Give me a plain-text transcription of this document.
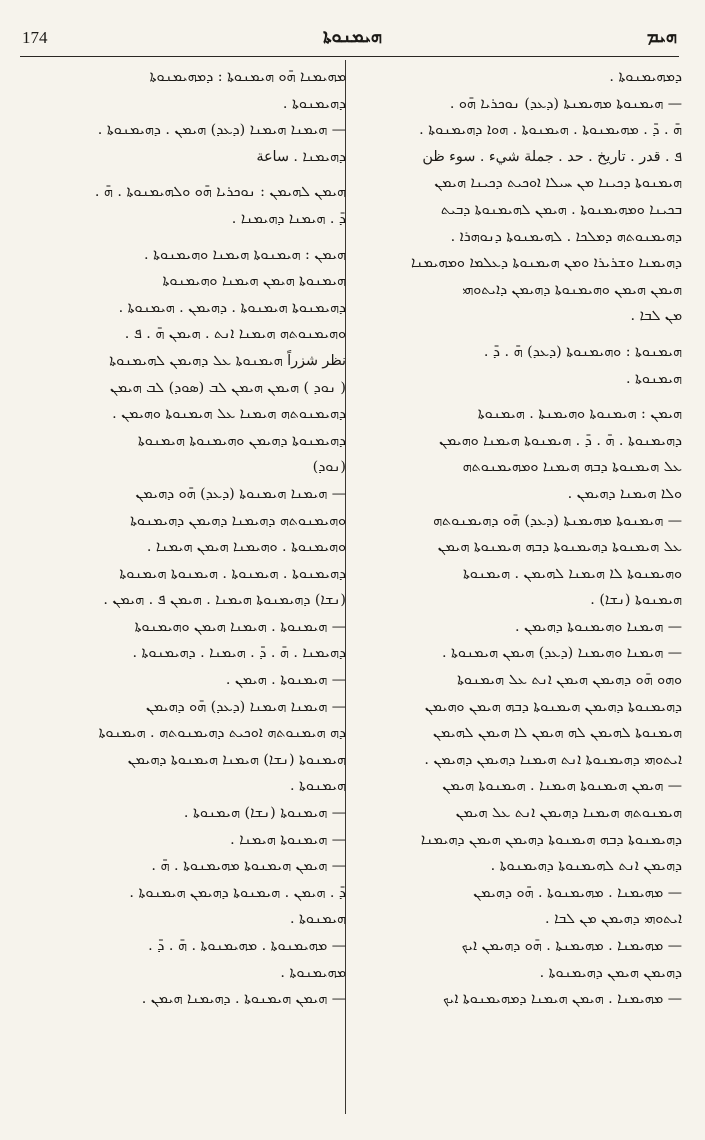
174	ܗܝܡܢܘܬܐ	ܗܝܡ
ܕܡܗܝܡܢܘܬܐ .
— ܗܝܡܢܘܬܐ ܡܗܝܡܢܬܐ (ܕܥܕ) ܢܘܟܪܝܐ ܗ̄ܘ .
ܗ̄ . ܕ̄ . ܡܗܝܡܢܘܬܐ . ܗܝܡܢܘܬܐ . ܗܘܐ ܕܗܝܡܢܘܬܐ .
ܦ . قدر . تاريخ . حد . جملة شيء . سوء ظن
ܗܝܡܢܘܬܐ ܕܟܝܢܐ ܡܢ ܚܝܠܐ ܐܘܟܝܬ ܕܟܝܢܐ ܗܝܡܢ
ܒܟܝܢܐ ܘܡܗܝܡܢܘܬܐ . ܗܝܡܢ ܠܗܝܡܢܘܬܐ ܕܒܝܬ
ܕܗܝܡܢܘܬܗ ܕܡܠܟܐ . ܠܗܝܡܢܘܬܐ ܕܢܘܗܪܐ .
ܕܗܝܡܢܐ ܘܫܪܝܪܐ ܘܡܢ ܗܝܡܢܘܬܐ ܕܥܠܡܐ ܘܡܗܝܡܢܐ
ܗܝܡܢ ܗܝܡܢ ܘܗܝܡܢܘܬܐ ܕܗܝܡܢ ܕܐܝܬܘܗܝ
ܡܢ ܠܒܐ .
ܗܝܡܢܘܬܐ : ܘܗܝܡܢܘܬܐ (ܕܥܕ) ܗ̄ . ܕ̄ .
ܗܝܡܢܘܬܐ .
ܗܝܡܢ : ܗܝܡܢܘܬܐ ܘܗܝܡܢܬܐ . ܗܝܡܢܘܬܐ
ܕܗܝܡܢܘܬܐ . ܗ̄ . ܕ̄ . ܗܝܡܢܘܬܐ ܗܝܡܢܐ ܘܗܝܡܢ
ܥܠ ܗܝܡܢܘܬܐ ܕܒܗ ܗܝܡܢܐ ܘܡܗܝܡܢܘܬܗ
ܘܠܐ ܗܝܡܢܐ ܕܗܝܡܢ .
— ܗܝܡܢܘܬܐ ܡܗܝܡܢܬܐ (ܕܥܕ) ܗ̄ܘ ܕܗܝܡܢܘܬܗ
ܥܠ ܗܝܡܢܘܬܐ ܕܗܝܡܢܘܬܐ ܕܒܗ ܗܝܡܢܘܬܐ ܗܝܡܢ
ܘܗܝܡܢܘܬܐ ܠܐ ܗܝܡܢܐ ܠܗܝܡܢ . ܗܝܡܢܘܬܐ
ܗܝܡܢܘܬܐ (ܢܫܐ) .
— ܗܝܡܢܐ ܘܗܝܡܢܘܬܐ ܕܗܝܡܢ .
— ܗܝܡܢܐ ܘܗܝܡܢܐ (ܕܥܕ) ܗܝܡܢ ܗܝܡܢܘܬܐ .
ܘܗܘ ܗ̄ܘ ܕܗܝܡܢ ܗܝܡܢ ܐܢܬ ܥܠ ܗܝܡܢܘܬܐ
ܕܗܝܡܢܘܬܐ ܕܗܝܡܢ ܗܝܡܢܘܬܐ ܕܒܗ ܗܝܡܢ ܘܗܝܡܢ
ܗܝܡܢܘܬܐ ܠܗܝܡܢ ܠܗ ܗܝܡܢ ܠܐ ܗܝܡܢ ܠܗܝܡܢ
ܐܝܬܘܗܝ ܕܗܝܡܢܘܬܐ ܐܢܬ ܗܝܡܢܐ ܕܗܝܡܢ ܕܗܝܡܢ .
— ܗܝܡܢ ܗܝܡܢܘܬܐ ܗܝܡܢܐ . ܗܝܡܢܘܬܐ ܗܝܡܢ
ܗܝܡܢܘܬܗ ܗܝܡܢܐ ܕܗܝܡܢ ܐܢܬ ܥܠ ܗܝܡܢ
ܕܗܝܡܢܘܬܐ ܕܒܗ ܗܝܡܢܘܬܐ ܕܗܝܡܢ ܗܝܡܢ ܕܗܝܡܢܐ
ܕܗܝܡܢ ܐܢܬ ܠܗܝܡܢܘܬܐ ܕܗܝܡܢܘܬܐ .
— ܡܗܝܡܢܐ . ܡܗܝܡܢܘܬܐ . ܗ̄ܘ ܕܗܝܡܢ
ܐܝܬܘܗܝ ܕܗܝܡܢ ܡܢ ܠܒܐ .
— ܡܗܝܡܢܐ . ܡܗܝܡܢܬܐ . ܗ̄ܘ ܕܗܝܡܢ ܐܝܟ
ܕܗܝܡܢ ܗܝܡܢ ܕܗܝܡܢܘܬܐ .
— ܡܗܝܡܢܐ . ܗܝܡܢ ܗܝܡܢܐ ܕܡܗܝܡܢܘܬܐ ܐܝܟ
ܡܗܝܡܢܐ ܗ̄ܘ ܗܝܡܢܘܬܐ : ܕܡܗܝܡܢܘܬܐ
ܕܗܝܡܢܘܬܐ .
— ܗܝܡܢܐ ܗܝܡܢܐ (ܕܥܕ) ܗܝܡܢ . ܕܗܝܡܢܘܬܐ .
ܕܗܝܡܢܐ . ساعة
ܗܝܡܢ ܠܗܝܡܢ : ܢܘܟܪܝܐ ܗ̄ܘ ܘܠܗܝܡܢܘܬܐ . ܗ̄ .
ܕ̄ . ܗܝܡܢܐ ܕܗܝܡܢܐ .
ܗܝܡܢ : ܗܝܡܢܘܬܐ ܗܝܡܢܐ ܘܗܝܡܢܘܬܐ .
ܗܝܡܢܘܬܐ ܗܝܡܢ ܗܝܡܢܐ ܘܗܝܡܢܘܬܐ
ܕܗܝܡܢܘܬܐ ܗܝܡܢܘܬܐ . ܕܗܝܡܢ . ܗܝܡܢܘܬܐ .
ܘܗܝܡܢܘܬܗ ܗܝܡܢܐ ܐܢܬ . ܗܝܡܢ ܗ̄ . ܦ .
نظر شزراً ܗܝܡܢܘܬܐ ܥܠ ܕܗܝܡܢ ܠܗܝܡܢܘܬܐ
( ܢܘܕ ) ܗܝܡܢ ܗܝܡܢ ܠܒ (ܣܘܕ) ܠܒ ܗܝܡܢ
ܕܗܝܡܢܘܬܗ ܗܝܡܢܐ ܥܠ ܗܝܡܢܘܬܐ ܘܗܝܡܢ .
ܕܗܝܡܢܘܬܐ ܕܗܝܡܢ ܘܗܝܡܢܘܬܐ ܗܝܡܢܘܬܐ
(ܢܘܕ)
— ܗܝܡܢܐ ܗܝܡܢܘܬܐ (ܕܥܕ) ܗ̄ܘ ܕܗܝܡܢ
ܘܗܝܡܢܘܬܗ ܕܗܝܡܢܐ ܕܗܝܡܢ ܕܗܝܡܢܘܬܐ
ܘܗܝܡܢܘܬܐ . ܘܗܝܡܢܐ ܗܝܡܢ ܗܝܡܢܐ .
ܕܗܝܡܢܘܬܐ . ܗܝܡܢܘܬܐ . ܗܝܡܢܘܬܐ ܗܝܡܢܘܬܐ
(ܢܫܐ) ܕܗܝܡܢܘܬܐ ܗܝܡܢܐ . ܗܝܡܢ ܦ . ܗܝܡܢ .
— ܗܝܡܢܘܬܐ . ܗܝܡܢܐ ܗܝܡܢ ܘܗܝܡܢܘܬܐ
ܕܗܝܡܢܐ . ܗ̄ . ܕ̄ . ܗܝܡܢܐ . ܕܗܝܡܢܘܬܐ .
— ܗܝܡܢܘܬܐ . ܗܝܡܢ .
— ܗܝܡܢܐ ܗܝܡܢܐ (ܕܥܕ) ܗ̄ܘ ܕܗܝܡܢ
ܕܗ ܗܝܡܢܘܬܗ ܐܘܟܝܬ ܕܗܝܡܢܘܬܗ . ܗܝܡܢܘܬܐ
ܗܝܡܢܘܬܐ (ܢܫܐ) ܗܝܡܢܐ ܗܝܡܢܘܬܐ ܕܗܝܡܢ
ܗܝܡܢܘܬܐ .
— ܗܝܡܢܘܬܐ (ܢܫܐ) ܗܝܡܢܘܬܐ .
— ܗܝܡܢܘܬܐ ܗܝܡܢܐ .
— ܗܝܡܢ ܗܝܡܢܘܬܐ ܡܗܝܡܢܘܬܐ . ܗ̄ .
ܕ̄ . ܗܝܡܢ . ܗܝܡܢܘܬܐ ܕܗܝܡܢ ܗܝܡܢܘܬܐ .
ܗܝܡܢܘܬܐ .
— ܡܗܝܡܢܘܬܐ . ܡܗܝܡܢܘܬܐ . ܗ̄ . ܕ̄ .
ܡܗܝܡܢܘܬܐ .
— ܗܝܡܢ ܗܝܡܢܘܬܐ . ܕܗܝܡܢܐ ܗܝܡܢ .
